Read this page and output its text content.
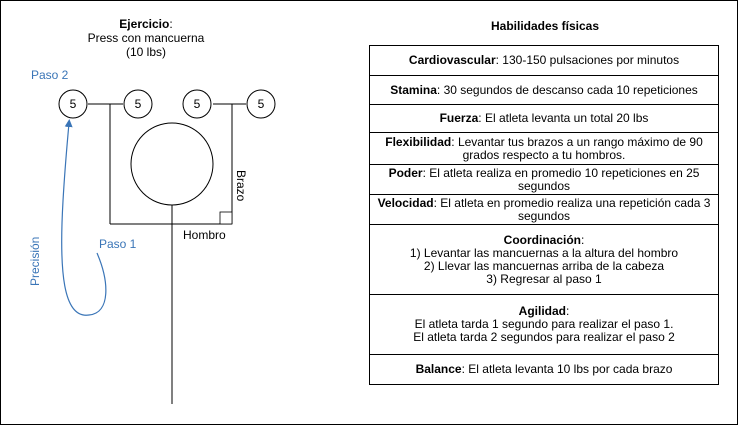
5	5	5	5
Ejercicio:
Press con mancuerna
(10 lbs)
Paso 2
Paso 1
Precisión
Brazo
Hombro
Habilidades físicas
Cardiovascular: 130-150 pulsaciones por minutos
Stamina: 30 segundos de descanso cada 10 repeticiones
Fuerza: El atleta levanta un total 20 lbs
Flexibilidad: Levantar tus brazos a un rango máximo de 90 grados respecto a tu hombros.
Poder: El atleta realiza en promedio 10 repeticiones en 25 segundos
Velocidad: El atleta en promedio realiza una repetición cada 3 segundos
Coordinación:
1) Levantar las mancuernas a la altura del hombro
2) Llevar las mancuernas arriba de la cabeza
3) Regresar al paso 1
Agilidad:
El atleta tarda 1 segundo para realizar el paso 1.
El atleta tarda 2 segundos para realizar el paso 2
Balance: El atleta levanta 10 lbs por cada brazo
